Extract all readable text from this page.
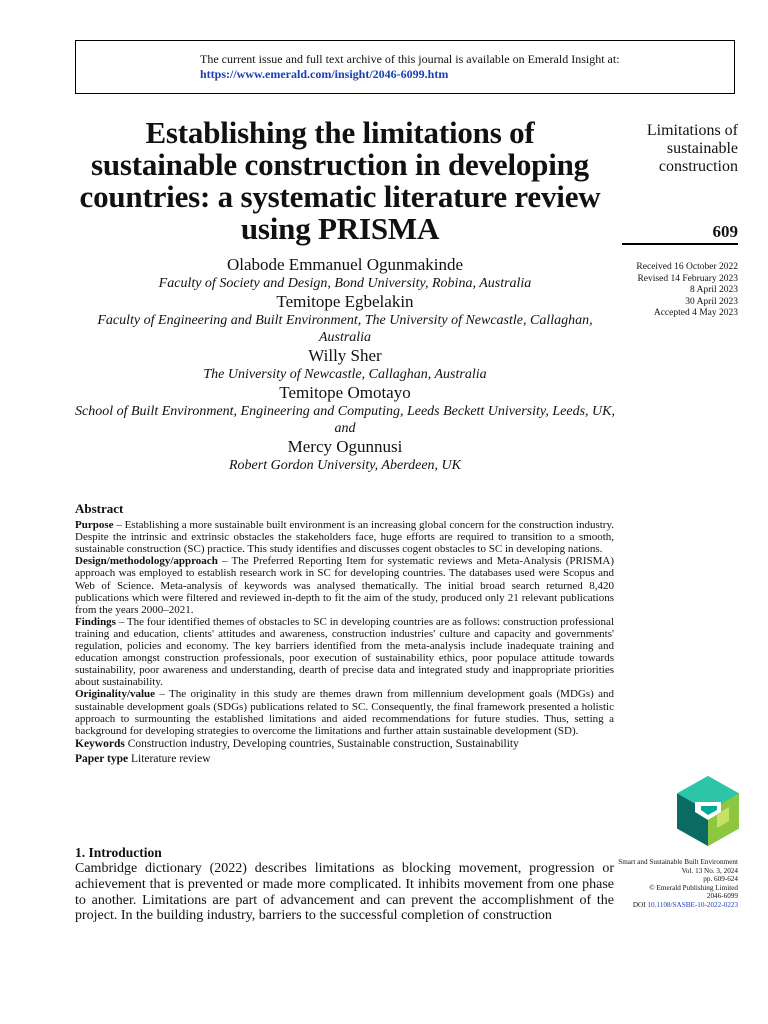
The current issue and full text archive of this journal is available on Emerald Insight at:
https://www.emerald.com/insight/2046-6099.htm
Establishing the limitations of sustainable construction in developing countries: a systematic literature review using PRISMA
Olabode Emmanuel Ogunmakinde
Faculty of Society and Design, Bond University, Robina, Australia
Temitope Egbelakin
Faculty of Engineering and Built Environment, The University of Newcastle, Callaghan, Australia
Willy Sher
The University of Newcastle, Callaghan, Australia
Temitope Omotayo
School of Built Environment, Engineering and Computing, Leeds Beckett University, Leeds, UK, and
Mercy Ogunnusi
Robert Gordon University, Aberdeen, UK
Limitations of sustainable construction
609
Received 16 October 2022
Revised 14 February 2023
8 April 2023
30 April 2023
Accepted 4 May 2023
Abstract

Purpose – Establishing a more sustainable built environment is an increasing global concern for the construction industry. Despite the intrinsic and extrinsic obstacles the stakeholders face, huge efforts are required to transition to a smooth, sustainable construction (SC) practice. This study identifies and discusses cogent obstacles to SC in developing nations.

Design/methodology/approach – The Preferred Reporting Item for systematic reviews and Meta-Analysis (PRISMA) approach was employed to establish research work in SC for developing countries. The databases used were Scopus and Web of Science. Meta-analysis of keywords was analysed thematically. The initial broad search returned 8,420 publications which were filtered and reviewed in-depth to fit the aim of the study, produced only 21 relevant publications from the years 2000–2021.

Findings – The four identified themes of obstacles to SC in developing countries are as follows: construction professional training and education, clients' attitudes and awareness, construction industries' culture and capacity and governments' regulation, policies and economy. The key barriers identified from the meta-analysis include inadequate training and education amongst construction professionals, poor execution of sustainability ethics, poor populace attitude towards sustainability, poor awareness and understanding, dearth of precise data and integrated study and inappropriate priorities about sustainability.

Originality/value – The originality in this study are themes drawn from millennium development goals (MDGs) and sustainable development goals (SDGs) publications related to SC. Consequently, the final framework presented a holistic approach to surmounting the established limitations and aided recommendations for future studies. Thus, setting a background for developing strategies to overcome the limitations and further attain sustainable development (SD).

Keywords Construction industry, Developing countries, Sustainable construction, Sustainability

Paper type Literature review

1. Introduction

Cambridge dictionary (2022) describes limitations as blocking movement, progression or achievement that is prevented or made more complicated. It inhibits movement from one phase to another. Limitations are part of advancement and can prevent the accomplishment of the project. In the building industry, barriers to the successful completion of construction

Smart and Sustainable Built Environment
Vol. 13 No. 3, 2024
pp. 609-624
© Emerald Publishing Limited
2046-6099
DOI 10.1108/SASBE-10-2022-0223
